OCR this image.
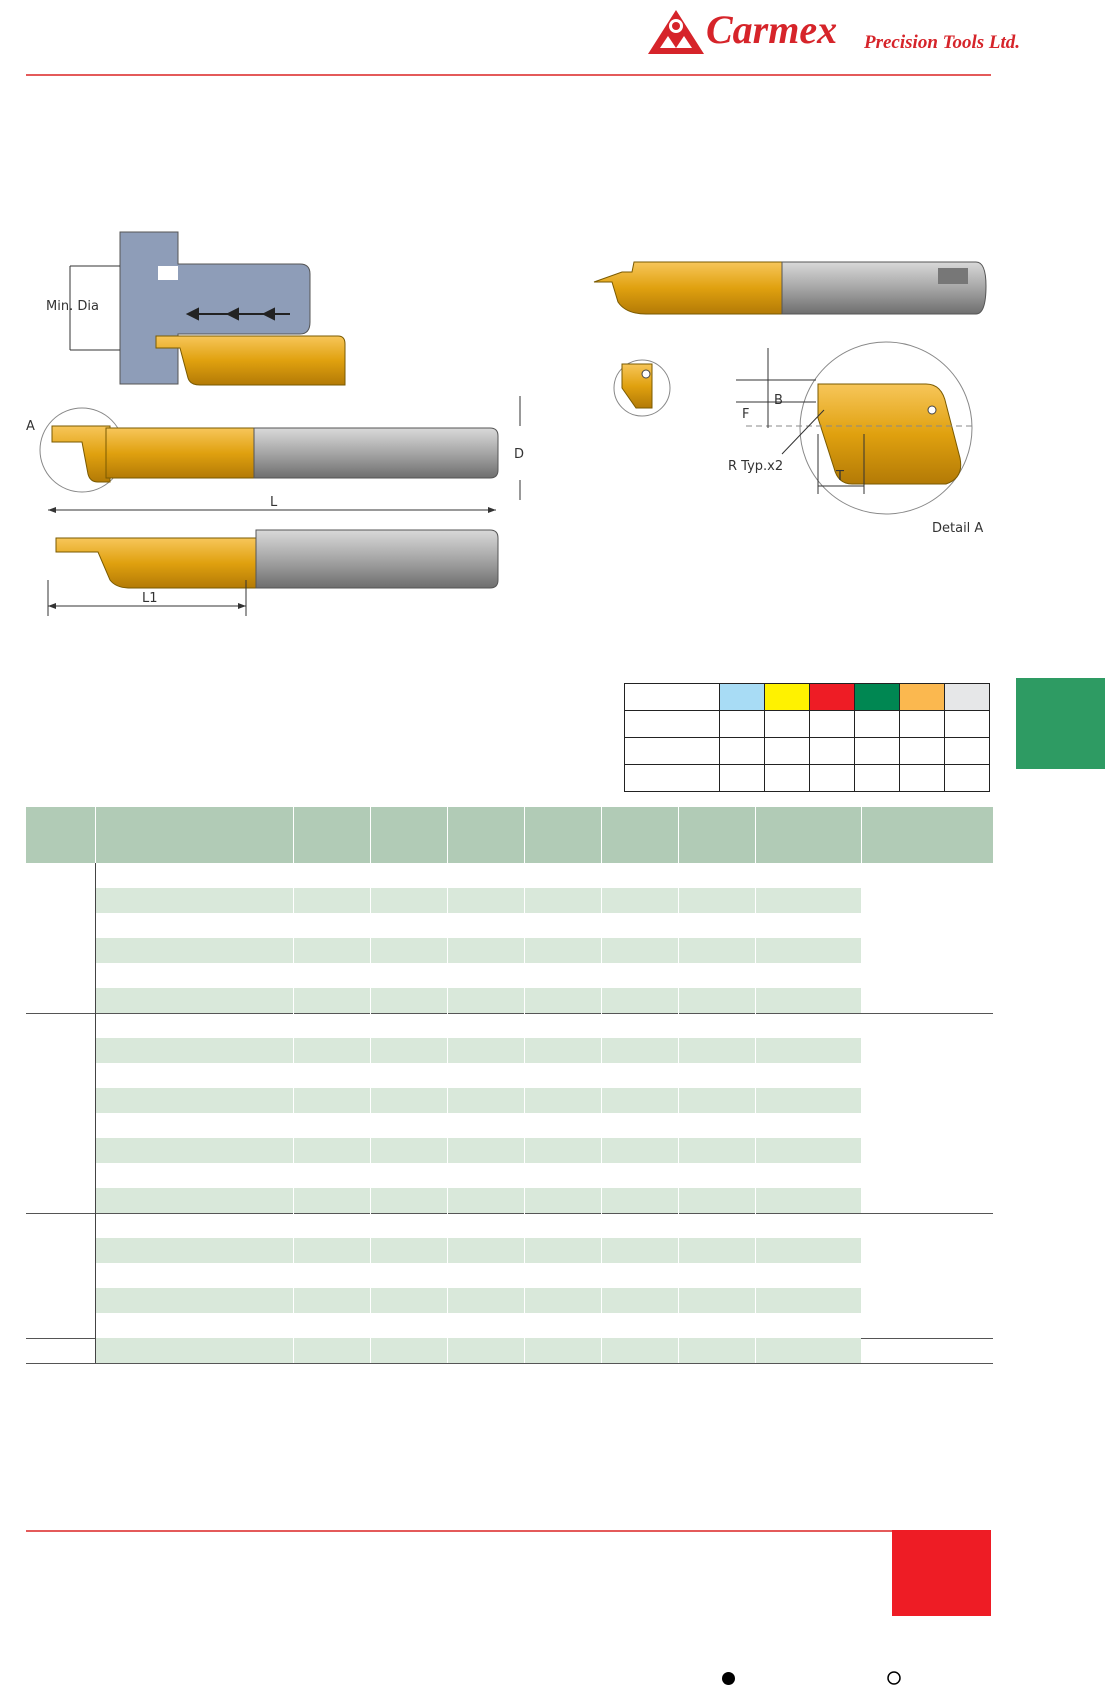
Carmex Precision Tools Ltd.
Min. Dia
A
D
L
L1
B
F
R Typ.x2
T
Detail A
